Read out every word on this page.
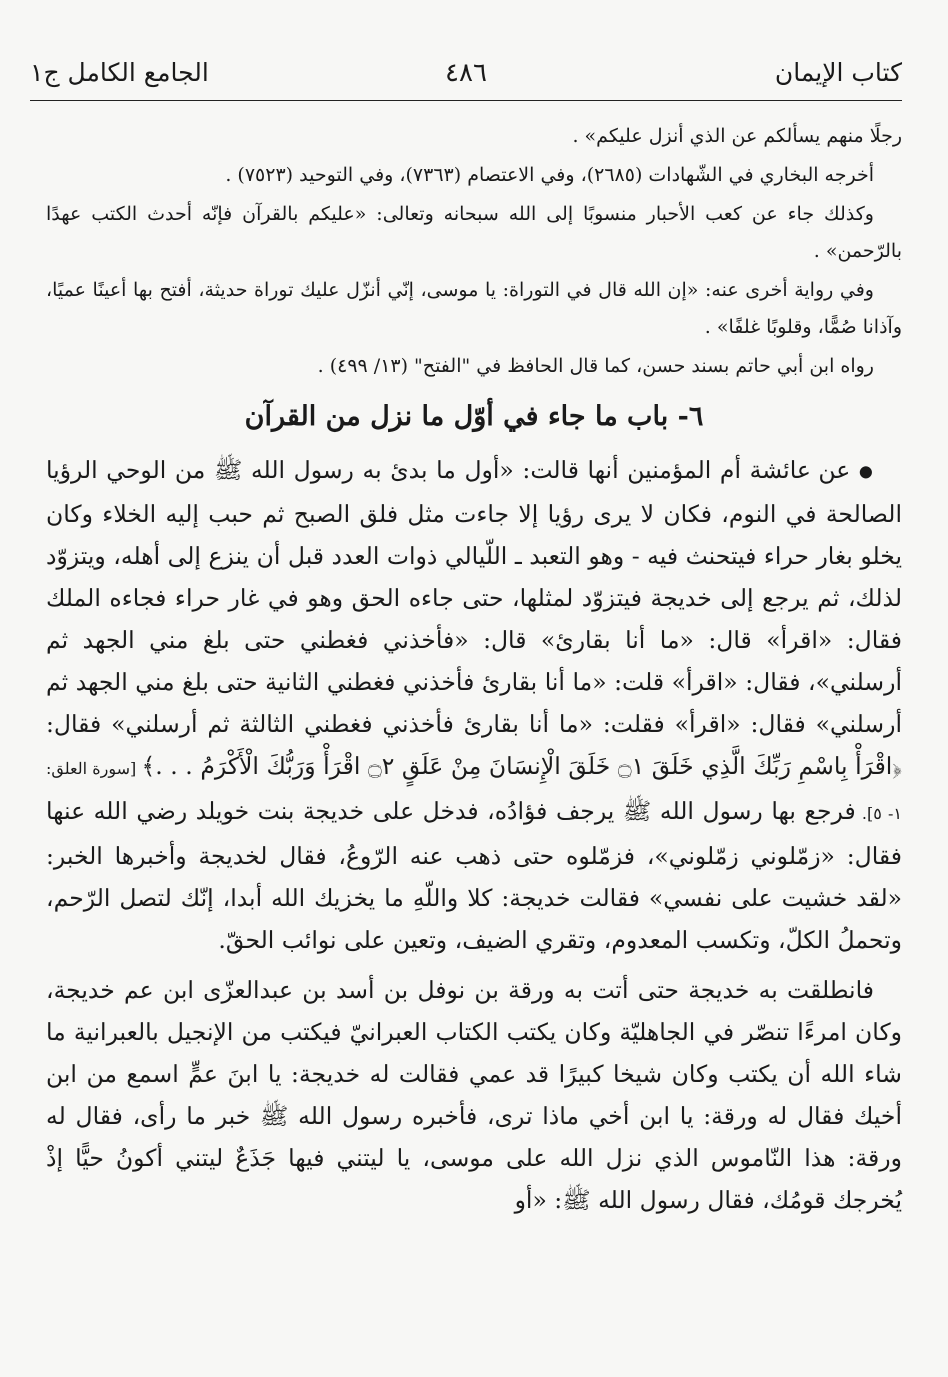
كتاب الإيمان
٤٨٦
الجامع الكامل ج١

رجلًا منهم يسألكم عن الذي أنزل عليكم» .

أخرجه البخاري في الشّهادات (٢٦٨٥)، وفي الاعتصام (٧٣٦٣)، وفي التوحيد (٧٥٢٣) .

وكذلك جاء عن كعب الأحبار منسوبًا إلى الله سبحانه وتعالى: «عليكم بالقرآن فإنّه أحدث الكتب عهدًا بالرّحمن» .

وفي رواية أخرى عنه: «إن الله قال في التوراة: يا موسى، إنّي أنزّل عليك توراة حديثة، أفتح بها أعينًا عميًا، وآذانا صُمًّا، وقلوبًا غلفًا» .

رواه ابن أبي حاتم بسند حسن، كما قال الحافظ في "الفتح" (١٣/ ٤٩٩) .

٦- باب ما جاء في أوّل ما نزل من القرآن

● عن عائشة أم المؤمنين أنها قالت: «أول ما بدئ به رسول الله ﷺ من الوحي الرؤيا الصالحة في النوم، فكان لا يرى رؤيا إلا جاءت مثل فلق الصبح ثم حبب إليه الخلاء وكان يخلو بغار حراء فيتحنث فيه - وهو التعبد ـ اللّيالي ذوات العدد قبل أن ينزع إلى أهله، ويتزوّد لذلك، ثم يرجع إلى خديجة فيتزوّد لمثلها، حتى جاءه الحق وهو في غار حراء فجاءه الملك فقال: «اقرأ» قال: «ما أنا بقارئ» قال: «فأخذني فغطني حتى بلغ مني الجهد ثم أرسلني»، فقال: «اقرأ» قلت: «ما أنا بقارئ فأخذني فغطني الثانية حتى بلغ مني الجهد ثم أرسلني» فقال: «اقرأ» فقلت: «ما أنا بقارئ فأخذني فغطني الثالثة ثم أرسلني» فقال: ﴿اقْرَأْ بِاسْمِ رَبِّكَ الَّذِي خَلَقَ ۝١ خَلَقَ الْإِنسَانَ مِنْ عَلَقٍ ۝٢ اقْرَأْ وَرَبُّكَ الْأَكْرَمُ . . .﴾ [سورة العلق: ١- ٥]. فرجع بها رسول الله ﷺ يرجف فؤادُه، فدخل على خديجة بنت خويلد رضي الله عنها فقال: «زمّلوني زمّلوني»، فزمّلوه حتى ذهب عنه الرّوعُ، فقال لخديجة وأخبرها الخبر: «لقد خشيت على نفسي» فقالت خديجة: كلا واللّهِ ما يخزيك الله أبدا، إنّك لتصل الرّحم، وتحملُ الكلّ، وتكسب المعدوم، وتقري الضيف، وتعين على نوائب الحقّ.

فانطلقت به خديجة حتى أتت به ورقة بن نوفل بن أسد بن عبدالعزّى ابن عم خديجة، وكان امرءًا تنصّر في الجاهليّة وكان يكتب الكتاب العبرانيّ فيكتب من الإنجيل بالعبرانية ما شاء الله أن يكتب وكان شيخا كبيرًا قد عمي فقالت له خديجة: يا ابنَ عمٍّ اسمع من ابن أخيك فقال له ورقة: يا ابن أخي ماذا ترى، فأخبره رسول الله ﷺ خبر ما رأى، فقال له ورقة: هذا النّاموس الذي نزل الله على موسى، يا ليتني فيها جَذَعٌ ليتني أكونُ حيًّا إذْ يُخرجك قومُك، فقال رسول الله ﷺ: «أو
